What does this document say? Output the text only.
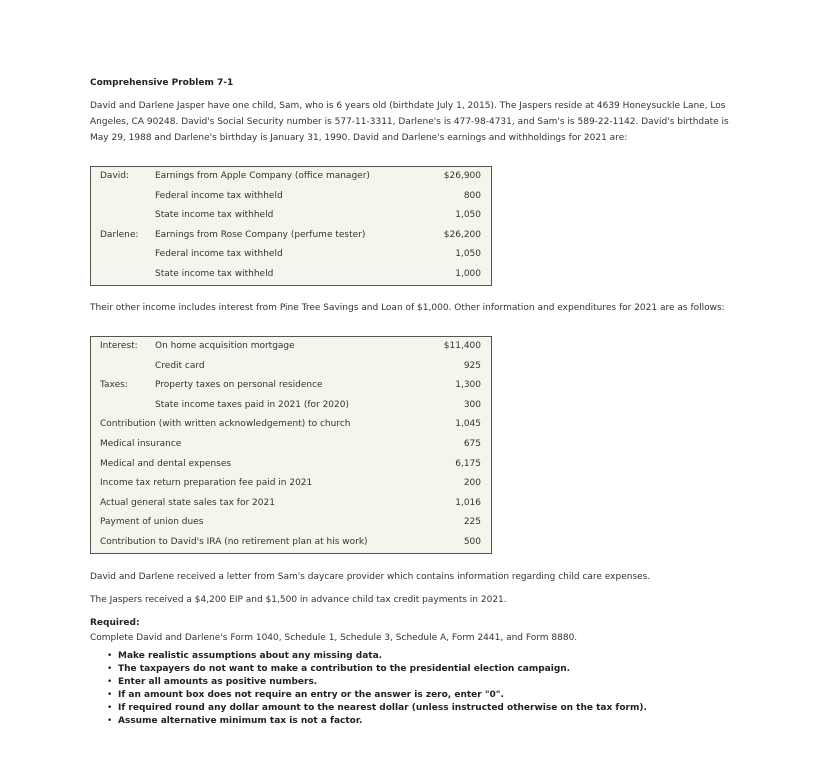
Comprehensive Problem 7-1
David and Darlene Jasper have one child, Sam, who is 6 years old (birthdate July 1, 2015). The Jaspers reside at 4639 Honeysuckle Lane, Los Angeles, CA 90248. David's Social Security number is 577-11-3311, Darlene's is 477-98-4731, and Sam's is 589-22-1142. David's birthdate is May 29, 1988 and Darlene's birthday is January 31, 1990. David and Darlene's earnings and withholdings for 2021 are:
David:	Earnings from Apple Company (office manager)	$26,900
Federal income tax withheld	800
State income tax withheld	1,050
Darlene: Earnings from Rose Company (perfume tester)	$26,200
Federal income tax withheld	1,050
State income tax withheld	1,000
Their other income includes interest from Pine Tree Savings and Loan of $1,000. Other information and expenditures for 2021 are as follows:
Interest: On home acquisition mortgage	$11,400
Credit card	925
Taxes:	Property taxes on personal residence	1,300
State income taxes paid in 2021 (for 2020)	300
Contribution (with written acknowledgement) to church	1,045
Medical insurance	675
Medical and dental expenses	6,175
Income tax return preparation fee paid in 2021	200
Actual general state sales tax for 2021	1,016
Payment of union dues	225
Contribution to David's IRA (no retirement plan at his work)	500
David and Darlene received a letter from Sam's daycare provider which contains information regarding child care expenses.
The Jaspers received a $4,200 EIP and $1,500 in advance child tax credit payments in 2021.
Required:
Complete David and Darlene's Form 1040, Schedule 1, Schedule 3, Schedule A, Form 2441, and Form 8880.
• Make realistic assumptions about any missing data.
• The taxpayers do not want to make a contribution to the presidential election campaign.
• Enter all amounts as positive numbers.
• If an amount box does not require an entry or the answer is zero, enter "0".
• If required round any dollar amount to the nearest dollar (unless instructed otherwise on the tax form).
• Assume alternative minimum tax is not a factor.
